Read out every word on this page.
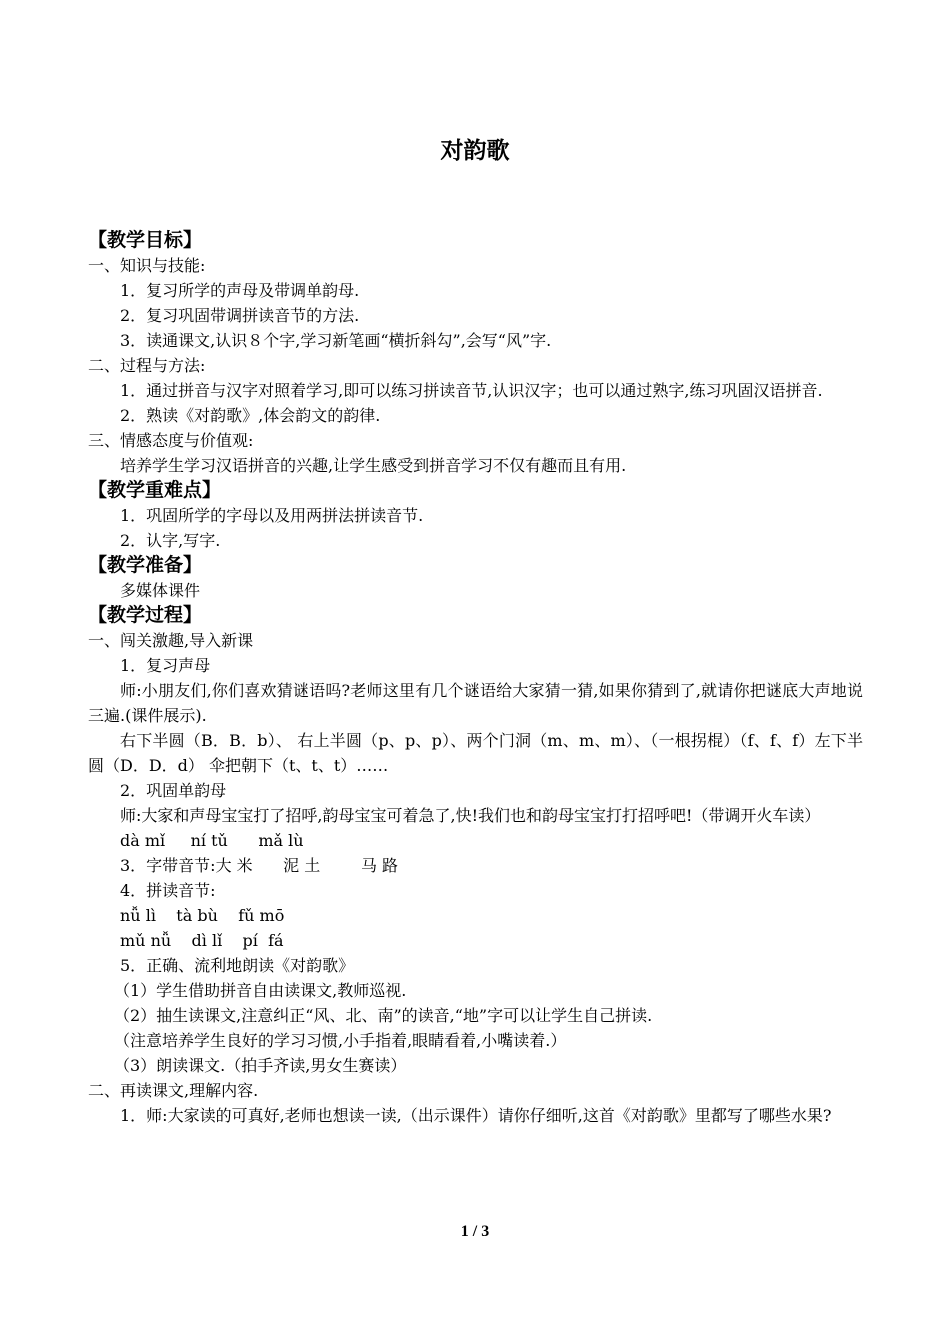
对韵歌

【教学目标】

一、知识与技能:

1．复习所学的声母及带调单韵母.

2．复习巩固带调拼读音节的方法.

3．读通课文,认识８个字,学习新笔画“横折斜勾”,会写“风”字.

二、过程与方法:

1．通过拼音与汉字对照着学习,即可以练习拼读音节,认识汉字；也可以通过熟字,练习巩固汉语拼音.

2．熟读《对韵歌》,体会韵文的韵律.

三、情感态度与价值观:

培养学生学习汉语拼音的兴趣,让学生感受到拼音学习不仅有趣而且有用.

【教学重难点】

1．巩固所学的字母以及用两拼法拼读音节.

2．认字,写字.

【教学准备】

多媒体课件

【教学过程】

一、闯关激趣,导入新课

1．复习声母

师:小朋友们,你们喜欢猜谜语吗?老师这里有几个谜语给大家猜一猜,如果你猜到了,就请你把谜底大声地说三遍.(课件展示).

右下半圆（B．B．b）、 右上半圆（p、p、p）、两个门洞（m、m、m）、（一根拐棍）（f、f、f）左下半圆（D．D．d） 伞把朝下（t、t、t）……

2．巩固单韵母

师:大家和声母宝宝打了招呼,韵母宝宝可着急了,快!我们也和韵母宝宝打打招呼吧!（带调开火车读）

dà mǐ     ní tǔ      mǎ lù

3．字带音节:大 米      泥 土        马 路

4．拼读音节:

nǚ lì    tà bù    fǔ mō

mǔ nǚ    dì lǐ    pí  fá

5．正确、流利地朗读《对韵歌》

（1）学生借助拼音自由读课文,教师巡视.

（2）抽生读课文,注意纠正“风、北、南”的读音,“地”字可以让学生自己拼读.

（注意培养学生良好的学习习惯,小手指着,眼睛看着,小嘴读着.）

（3）朗读课文.（拍手齐读,男女生赛读）

二、再读课文,理解内容.

1．师:大家读的可真好,老师也想读一读,（出示课件）请你仔细听,这首《对韵歌》里都写了哪些水果?

1 / 3
